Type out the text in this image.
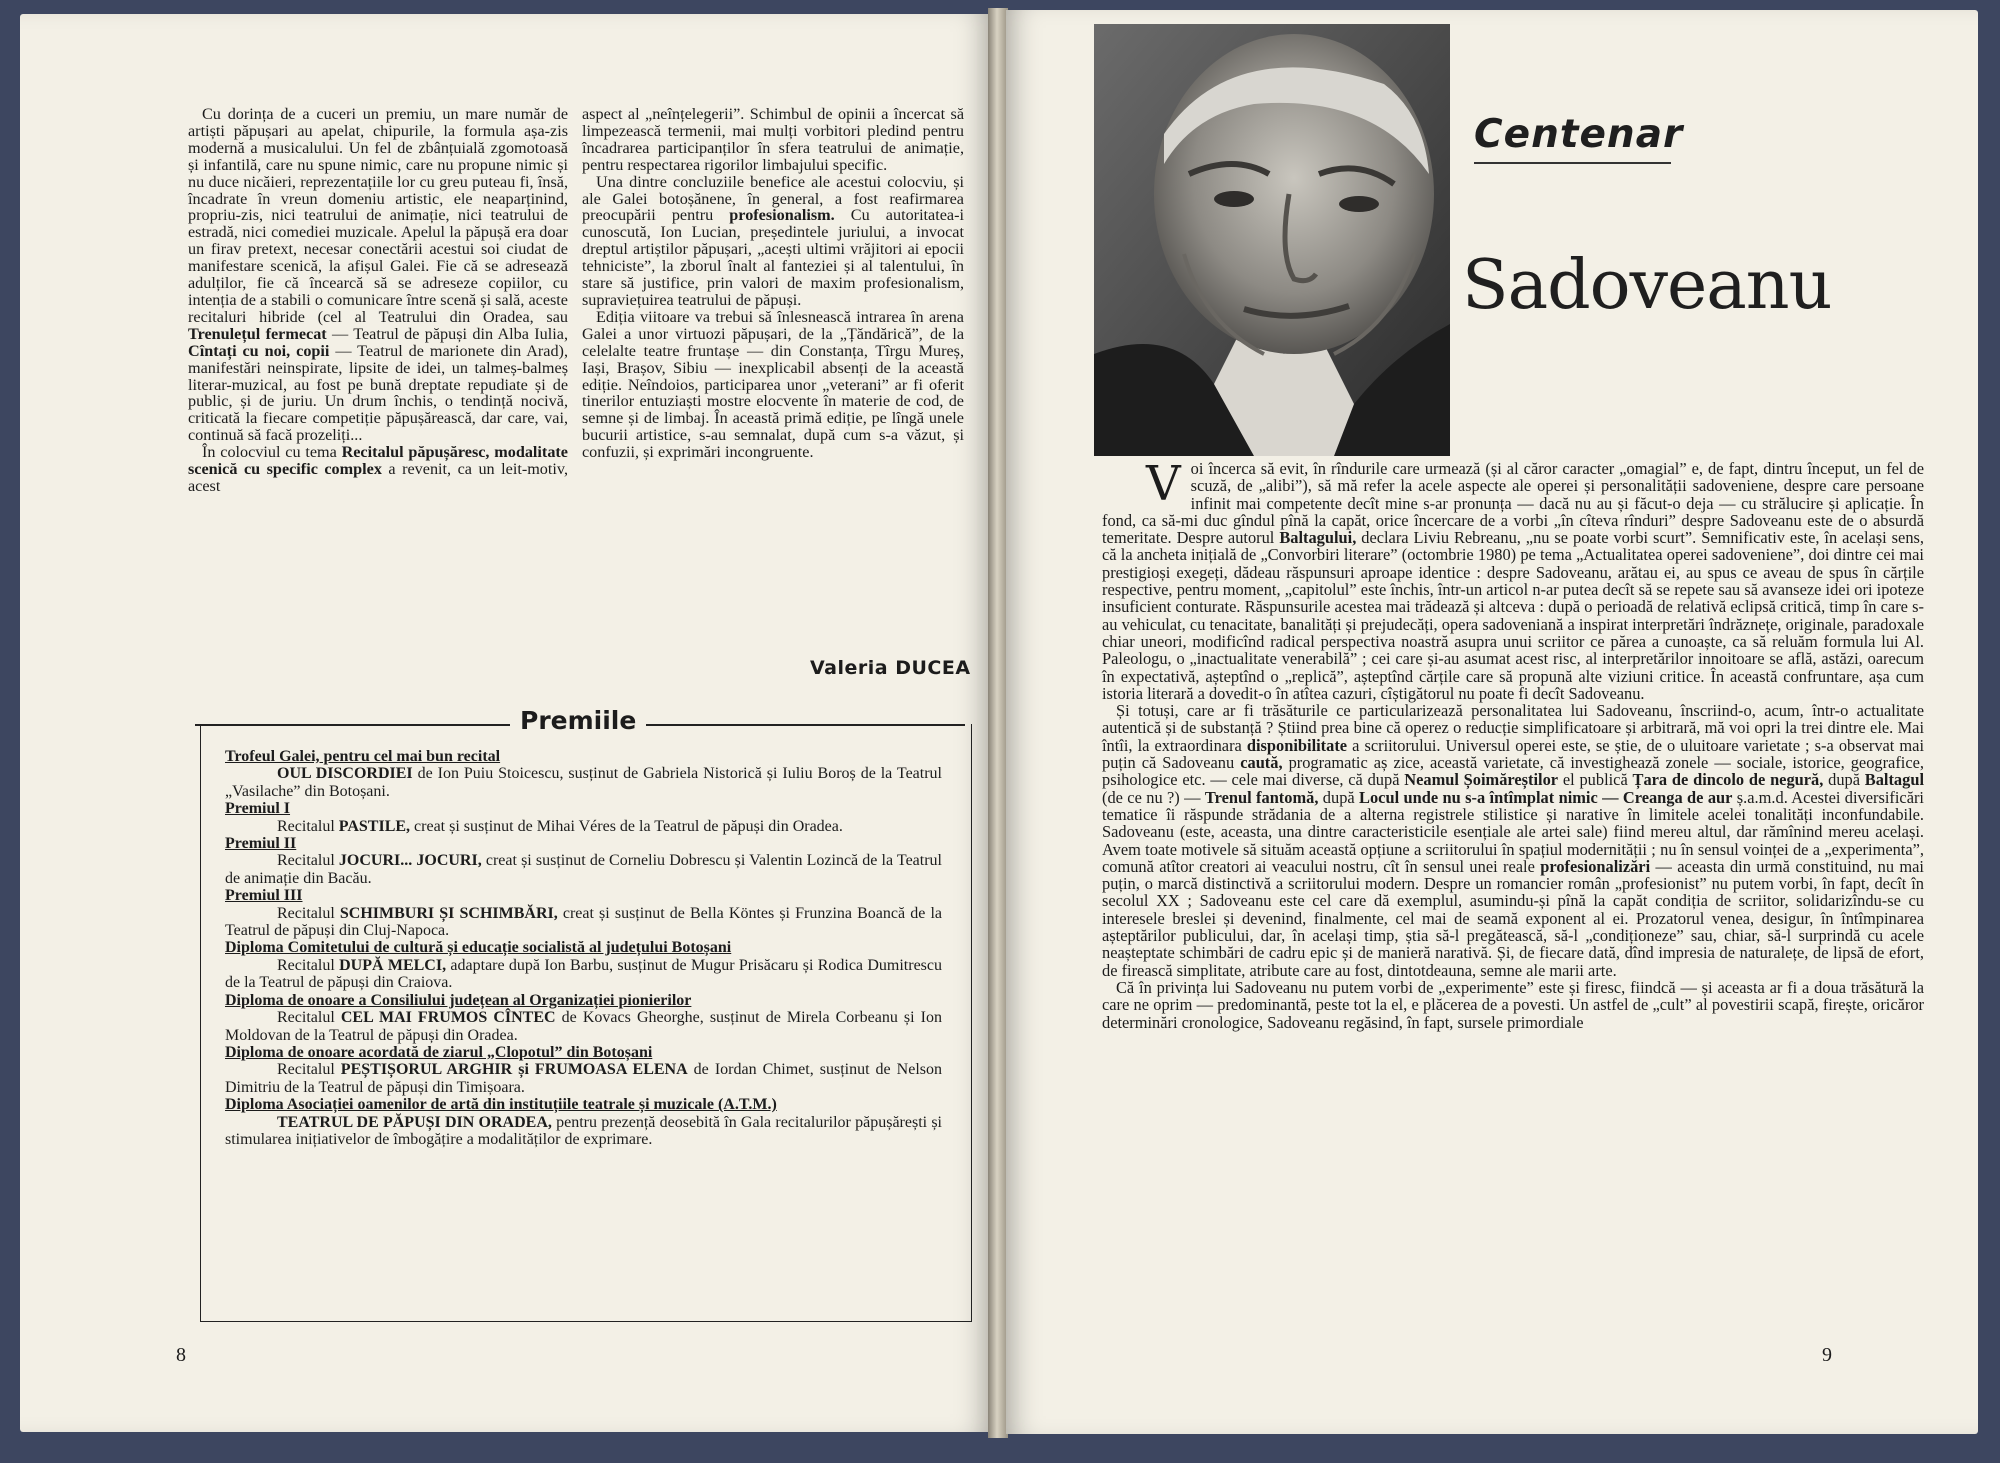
Cu dorința de a cuceri un premiu, un mare număr de artiști păpușari au apelat, chipurile, la formula așa-zis modernă a musicalului. Un fel de zbânțuială zgomotoasă și infantilă, care nu spune nimic, care nu propune nimic și nu duce nicăieri, reprezentațiile lor cu greu puteau fi, însă, încadrate în vreun domeniu artistic, ele neaparținind, propriu-zis, nici teatrului de animație, nici teatrului de estradă, nici comediei muzicale. Apelul la păpușă era doar un firav pretext, necesar conectării acestui soi ciudat de manifestare scenică, la afișul Galei. Fie că se adresează adulților, fie că încearcă să se adreseze copiilor, cu intenția de a stabili o comunicare între scenă și sală, aceste recitaluri hibride (cel al Teatrului din Oradea, sau Trenulețul fermecat — Teatrul de păpuși din Alba Iulia, Cîntați cu noi, copii — Teatrul de marionete din Arad), manifestări neinspirate, lipsite de idei, un talmeș-balmeș literar-muzical, au fost pe bună dreptate repudiate și de public, și de juriu. Un drum închis, o tendință nocivă, criticată la fiecare competiție păpușărească, dar care, vai, continuă să facă prozeliți...

În colocviul cu tema Recitalul păpușăresc, modalitate scenică cu specific complex a revenit, ca un leit-motiv, acest

aspect al „neînțelegerii”. Schimbul de opinii a încercat să limpezească termenii, mai mulți vorbitori pledind pentru încadrarea participanților în sfera teatrului de animație, pentru respectarea rigorilor limbajului specific.

Una dintre concluziile benefice ale acestui colocviu, și ale Galei botoșănene, în general, a fost reafirmarea preocupării pentru profesionalism. Cu autoritatea-i cunoscută, Ion Lucian, președintele juriului, a invocat dreptul artiștilor păpușari, „acești ultimi vrăjitori ai epocii tehniciste”, la zborul înalt al fanteziei și al talentului, în stare să justifice, prin valori de maxim profesionalism, supraviețuirea teatrului de păpuși.

Ediția viitoare va trebui să înlesnească intrarea în arena Galei a unor virtuozi păpușari, de la „Țăndărică”, de la celelalte teatre fruntașe — din Constanța, Tîrgu Mureș, Iași, Brașov, Sibiu — inexplicabil absenți de la această ediție. Neîndoios, participarea unor „veterani” ar fi oferit tinerilor entuziaști mostre elocvente în materie de cod, de semne și de limbaj. În această primă ediție, pe lîngă unele bucurii artistice, s-au semnalat, după cum s-a văzut, și confuzii, și exprimări incongruente.

Valeria DUCEA
Premiile

Trofeul Galei, pentru cel mai bun recital

OUL DISCORDIEI de Ion Puiu Stoicescu, susținut de Gabriela Nistorică și Iuliu Boroș de la Teatrul „Vasilache” din Botoșani.

Premiul I

Recitalul PASTILE, creat și susținut de Mihai Véres de la Teatrul de păpuși din Oradea.

Premiul II

Recitalul JOCURI... JOCURI, creat și susținut de Corneliu Dobrescu și Valentin Lozincă de la Teatrul de animație din Bacău.

Premiul III

Recitalul SCHIMBURI ȘI SCHIMBĂRI, creat și susținut de Bella Köntes și Frunzina Boancă de la Teatrul de păpuși din Cluj-Napoca.

Diploma Comitetului de cultură și educație socialistă al județului Botoșani

Recitalul DUPĂ MELCI, adaptare după Ion Barbu, susținut de Mugur Prisăcaru și Rodica Dumitrescu de la Teatrul de păpuși din Craiova.

Diploma de onoare a Consiliului județean al Organizației pionierilor

Recitalul CEL MAI FRUMOS CÎNTEC de Kovacs Gheorghe, susținut de Mirela Corbeanu și Ion Moldovan de la Teatrul de păpuși din Oradea.

Diploma de onoare acordată de ziarul „Clopotul” din Botoșani

Recitalul PEȘTIȘORUL ARGHIR și FRUMOASA ELENA de Iordan Chimet, susținut de Nelson Dimitriu de la Teatrul de păpuși din Timișoara.

Diploma Asociației oamenilor de artă din instituțiile teatrale și muzicale (A.T.M.)

TEATRUL DE PĂPUȘI DIN ORADEA, pentru prezență deosebită în Gala recitalurilor păpușărești și stimularea inițiativelor de îmbogățire a modalităților de exprimare.

8
Centenar
Sadoveanu

Voi încerca să evit, în rîndurile care urmează (și al căror caracter „omagial” e, de fapt, dintru început, un fel de scuză, de „alibi”), să mă refer la acele aspecte ale operei și personalității sadoveniene, despre care persoane infinit mai competente decît mine s-ar pronunța — dacă nu au și făcut-o deja — cu strălucire și aplicație. În fond, ca să-mi duc gîndul pînă la capăt, orice încercare de a vorbi „în cîteva rînduri” despre Sadoveanu este de o absurdă temeritate. Despre autorul Baltagului, declara Liviu Rebreanu, „nu se poate vorbi scurt”. Semnificativ este, în același sens, că la ancheta inițială de „Convorbiri literare” (octombrie 1980) pe tema „Actualitatea operei sadoveniene”, doi dintre cei mai prestigioși exegeți, dădeau răspunsuri aproape identice : despre Sadoveanu, arătau ei, au spus ce aveau de spus în cărțile respective, pentru moment, „capitolul” este închis, într-un articol n-ar putea decît să se repete sau să avanseze idei ori ipoteze insuficient conturate. Răspunsurile acestea mai trădează și altceva : după o perioadă de relativă eclipsă critică, timp în care s-au vehiculat, cu tenacitate, banalități și prejudecăți, opera sadoveniană a inspirat interpretări îndrăznețe, originale, paradoxale chiar uneori, modificînd radical perspectiva noastră asupra unui scriitor ce părea a cunoaște, ca să reluăm formula lui Al. Paleologu, o „inactualitate venerabilă” ; cei care și-au asumat acest risc, al interpretărilor innoitoare se află, astăzi, oarecum în expectativă, așteptînd o „replică”, așteptînd cărțile care să propună alte viziuni critice. În această confruntare, așa cum istoria literară a dovedit-o în atîtea cazuri, cîștigătorul nu poate fi decît Sadoveanu.

Și totuși, care ar fi trăsăturile ce particularizează personalitatea lui Sadoveanu, înscriind-o, acum, într-o actualitate autentică și de substanță ? Știind prea bine că operez o reducție simplificatoare și arbitrară, mă voi opri la trei dintre ele. Mai întîi, la extraordinara disponibilitate a scriitorului. Universul operei este, se știe, de o uluitoare varietate ; s-a observat mai puțin că Sadoveanu caută, programatic aș zice, această varietate, că investighează zonele — sociale, istorice, geografice, psihologice etc. — cele mai diverse, că după Neamul Șoimăreștilor el publică Țara de dincolo de negură, după Baltagul (de ce nu ?) — Trenul fantomă, după Locul unde nu s-a întîmplat nimic — Creanga de aur ș.a.m.d. Acestei diversificări tematice îi răspunde strădania de a alterna registrele stilistice și narative în limitele acelei tonalități inconfundabile. Sadoveanu (este, aceasta, una dintre caracteristicile esențiale ale artei sale) fiind mereu altul, dar rămînind mereu același. Avem toate motivele să situăm această opțiune a scriitorului în spațiul modernității ; nu în sensul voinței de a „experimenta”, comună atîtor creatori ai veacului nostru, cît în sensul unei reale profesionalizări — aceasta din urmă constituind, nu mai puțin, o marcă distinctivă a scriitorului modern. Despre un romancier român „profesionist” nu putem vorbi, în fapt, decît în secolul XX ; Sadoveanu este cel care dă exemplul, asumindu-și pînă la capăt condiția de scriitor, solidarizîndu-se cu interesele breslei și devenind, finalmente, cel mai de seamă exponent al ei. Prozatorul venea, desigur, în întîmpinarea așteptărilor publicului, dar, în același timp, știa să-l pregătească, să-l „condiționeze” sau, chiar, să-l surprindă cu acele neașteptate schimbări de cadru epic și de manieră narativă. Și, de fiecare dată, dînd impresia de naturalețe, de lipsă de efort, de firească simplitate, atribute care au fost, dintotdeauna, semne ale marii arte.

Că în privința lui Sadoveanu nu putem vorbi de „experimente” este și firesc, fiindcă — și aceasta ar fi a doua trăsătură la care ne oprim — predominantă, peste tot la el, e plăcerea de a povesti. Un astfel de „cult” al povestirii scapă, firește, oricăror determinări cronologice, Sadoveanu regăsind, în fapt, sursele primordiale

9
